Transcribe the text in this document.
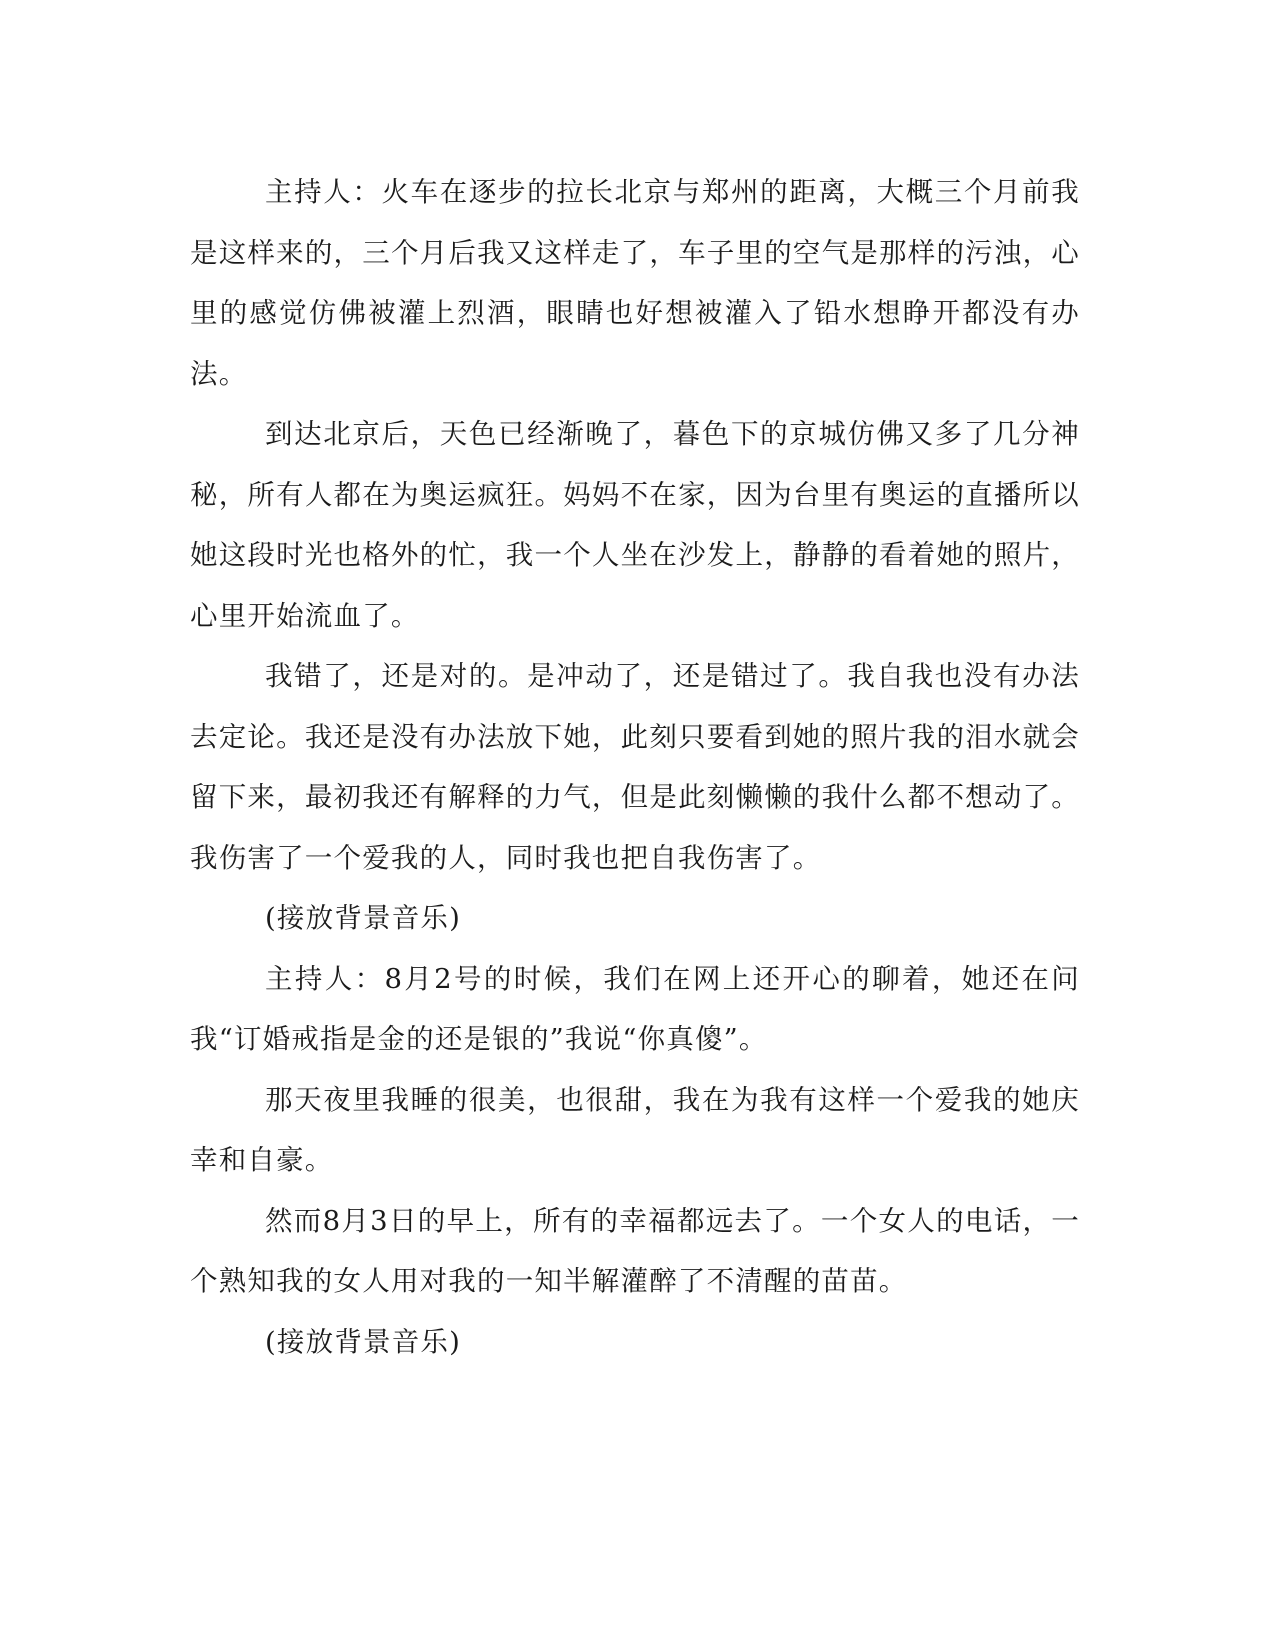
主持人：火车在逐步的拉长北京与郑州的距离，大概三个月前我是这样来的，三个月后我又这样走了，车子里的空气是那样的污浊，心里的感觉仿佛被灌上烈酒，眼睛也好想被灌入了铅水想睁开都没有办法。

到达北京后，天色已经渐晚了，暮色下的京城仿佛又多了几分神秘，所有人都在为奥运疯狂。妈妈不在家，因为台里有奥运的直播所以她这段时光也格外的忙，我一个人坐在沙发上，静静的看着她的照片，心里开始流血了。

我错了，还是对的。是冲动了，还是错过了。我自我也没有办法去定论。我还是没有办法放下她，此刻只要看到她的照片我的泪水就会留下来，最初我还有解释的力气，但是此刻懒懒的我什么都不想动了。我伤害了一个爱我的人，同时我也把自我伤害了。

(接放背景音乐)

主持人：8月2号的时候，我们在网上还开心的聊着，她还在问我“订婚戒指是金的还是银的”我说“你真傻”。

那天夜里我睡的很美，也很甜，我在为我有这样一个爱我的她庆幸和自豪。

然而8月3日的早上，所有的幸福都远去了。一个女人的电话，一个熟知我的女人用对我的一知半解灌醉了不清醒的苗苗。

(接放背景音乐)
